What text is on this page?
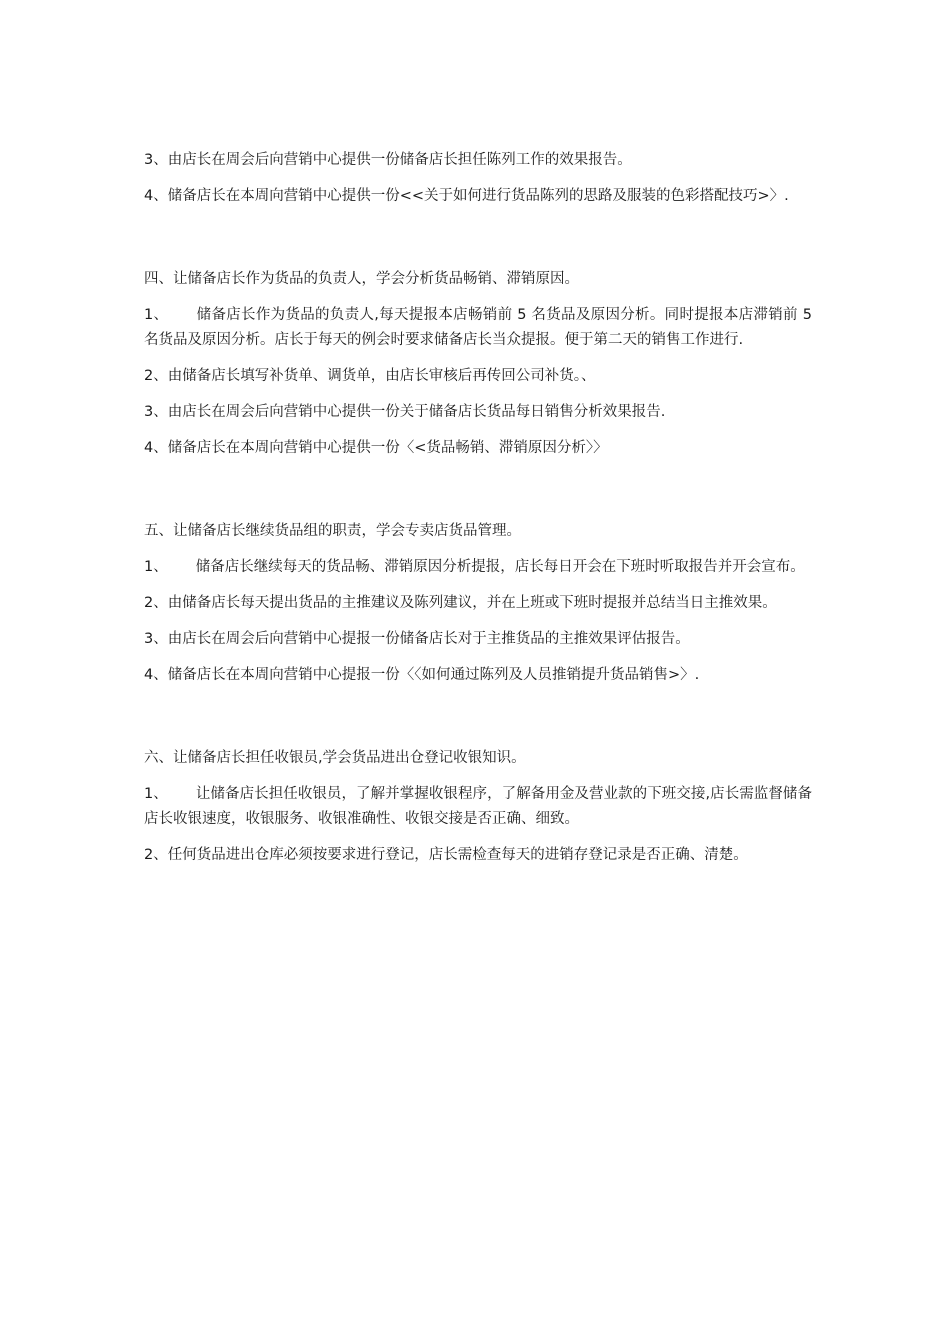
3、由店长在周会后向营销中心提供一份储备店长担任陈列工作的效果报告。

4、储备店长在本周向营销中心提供一份<<关于如何进行货品陈列的思路及服装的色彩搭配技巧>〉.

四、让储备店长作为货品的负责人，学会分析货品畅销、滞销原因。

1、 储备店长作为货品的负责人,每天提报本店畅销前 5 名货品及原因分析。同时提报本店滞销前 5 名货品及原因分析。店长于每天的例会时要求储备店长当众提报。便于第二天的销售工作进行.

2、由储备店长填写补货单、调货单，由店长审核后再传回公司补货。、

3、由店长在周会后向营销中心提供一份关于储备店长货品每日销售分析效果报告.

4、储备店长在本周向营销中心提供一份〈<货品畅销、滞销原因分析〉〉

五、让储备店长继续货品组的职责，学会专卖店货品管理。

1、 储备店长继续每天的货品畅、滞销原因分析提报，店长每日开会在下班时听取报告并开会宣布。

2、由储备店长每天提出货品的主推建议及陈列建议，并在上班或下班时提报并总结当日主推效果。

3、由店长在周会后向营销中心提报一份储备店长对于主推货品的主推效果评估报告。

4、储备店长在本周向营销中心提报一份〈〈如何通过陈列及人员推销提升货品销售>〉.

六、让储备店长担任收银员,学会货品进出仓登记收银知识。

1、 让储备店长担任收银员，了解并掌握收银程序，了解备用金及营业款的下班交接,店长需监督储备店长收银速度，收银服务、收银准确性、收银交接是否正确、细致。

2、任何货品进出仓库必须按要求进行登记，店长需检查每天的进销存登记录是否正确、清楚。
